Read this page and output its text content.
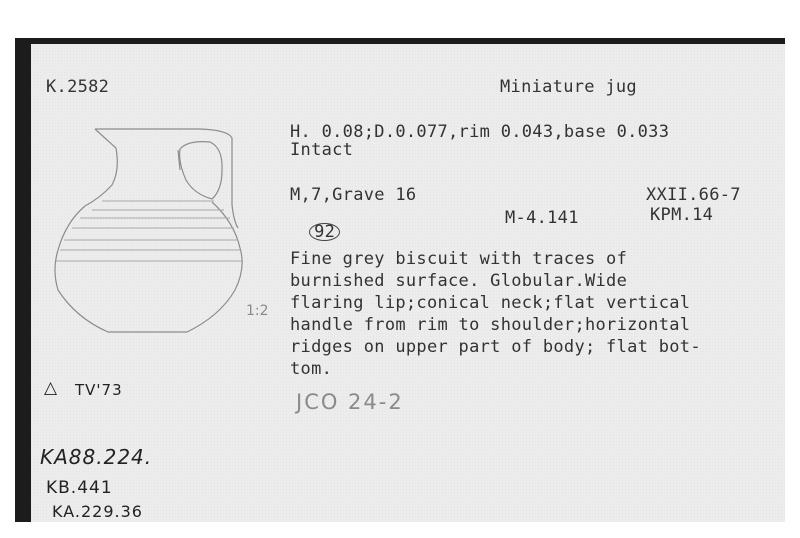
K.2582	Miniature jug
H. 0.08;D.0.077,rim 0.043,base 0.033
Intact
M,7,Grave 16	XXII.66-7

92

M-4.141	KPM.14
Fine grey biscuit with traces of
burnished surface. Globular.Wide
flaring lip;conical neck;flat vertical
handle from rim to shoulder;horizontal
ridges on upper part of body; flat bot-
tom.
JCO 24-2
1:2
△ TV'73
KA88.224.
KB.441
KA.229.36
